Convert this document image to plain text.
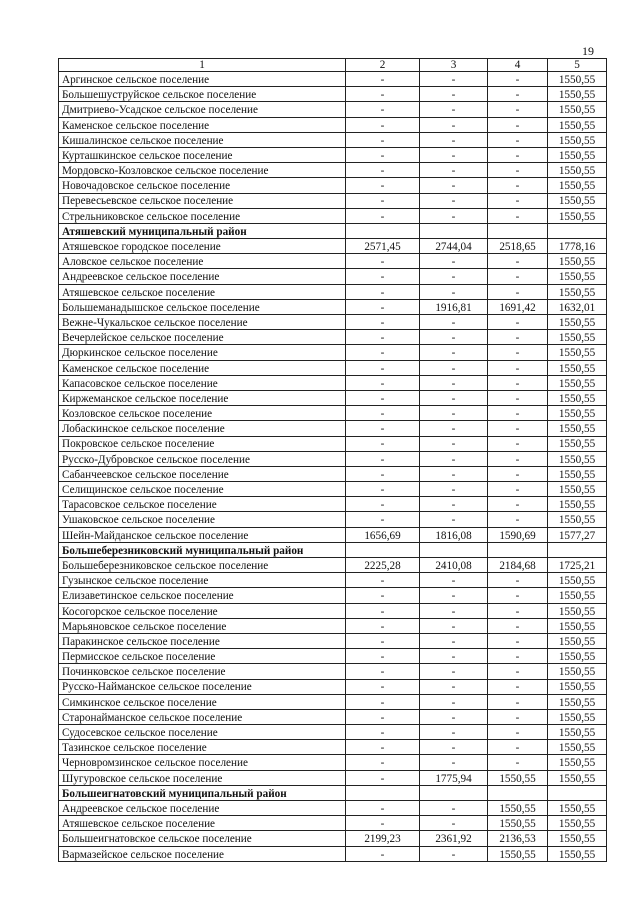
19
1	2	3	4	5
Аргинское сельское поселение	-	-	-	1550,55
Большешуструйское сельское поселение	-	-	-	1550,55
Дмитриево-Усадское сельское поселение	-	-	-	1550,55
Каменское сельское поселение	-	-	-	1550,55
Кишалинское сельское поселение	-	-	-	1550,55
Курташкинское сельское поселение	-	-	-	1550,55
Мордовско-Козловское сельское поселение	-	-	-	1550,55
Новочадовское сельское поселение	-	-	-	1550,55
Перевесьевское сельское поселение	-	-	-	1550,55
Стрельниковское сельское поселение	-	-	-	1550,55
Атяшевский муниципальный район				
Атяшевское городское поселение	2571,45	2744,04	2518,65	1778,16
Аловское сельское поселение	-	-	-	1550,55
Андреевское сельское поселение	-	-	-	1550,55
Атяшевское сельское поселение	-	-	-	1550,55
Большеманадышское сельское поселение	-	1916,81	1691,42	1632,01
Вежне-Чукальское сельское поселение	-	-	-	1550,55
Вечерлейское сельское поселение	-	-	-	1550,55
Дюркинское сельское поселение	-	-	-	1550,55
Каменское сельское поселение	-	-	-	1550,55
Капасовское сельское поселение	-	-	-	1550,55
Киржеманское сельское поселение	-	-	-	1550,55
Козловское сельское поселение	-	-	-	1550,55
Лобаскинское сельское поселение	-	-	-	1550,55
Покровское сельское поселение	-	-	-	1550,55
Русско-Дубровское сельское поселение	-	-	-	1550,55
Сабанчеевское сельское поселение	-	-	-	1550,55
Селищинское сельское поселение	-	-	-	1550,55
Тарасовское сельское поселение	-	-	-	1550,55
Ушаковское сельское поселение	-	-	-	1550,55
Шейн-Майданское сельское поселение	1656,69	1816,08	1590,69	1577,27
Большеберезниковский муниципальный район				
Большеберезниковское сельское поселение	2225,28	2410,08	2184,68	1725,21
Гузынское сельское поселение	-	-	-	1550,55
Елизаветинское сельское поселение	-	-	-	1550,55
Косогорское сельское поселение	-	-	-	1550,55
Марьяновское сельское поселение	-	-	-	1550,55
Паракинское сельское поселение	-	-	-	1550,55
Пермисское сельское поселение	-	-	-	1550,55
Починковское сельское поселение	-	-	-	1550,55
Русско-Найманское сельское поселение	-	-	-	1550,55
Симкинское сельское поселение	-	-	-	1550,55
Старонайманское сельское поселение	-	-	-	1550,55
Судосевское сельское поселение	-	-	-	1550,55
Тазинское сельское поселение	-	-	-	1550,55
Черновромзинское сельское поселение	-	-	-	1550,55
Шугуровское сельское поселение	-	1775,94	1550,55	1550,55
Большеигнатовский муниципальный район				
Андреевское сельское поселение	-	-	1550,55	1550,55
Атяшевское сельское поселение	-	-	1550,55	1550,55
Большеигнатовское сельское поселение	2199,23	2361,92	2136,53	1550,55
Вармазейское сельское поселение	-	-	1550,55	1550,55
